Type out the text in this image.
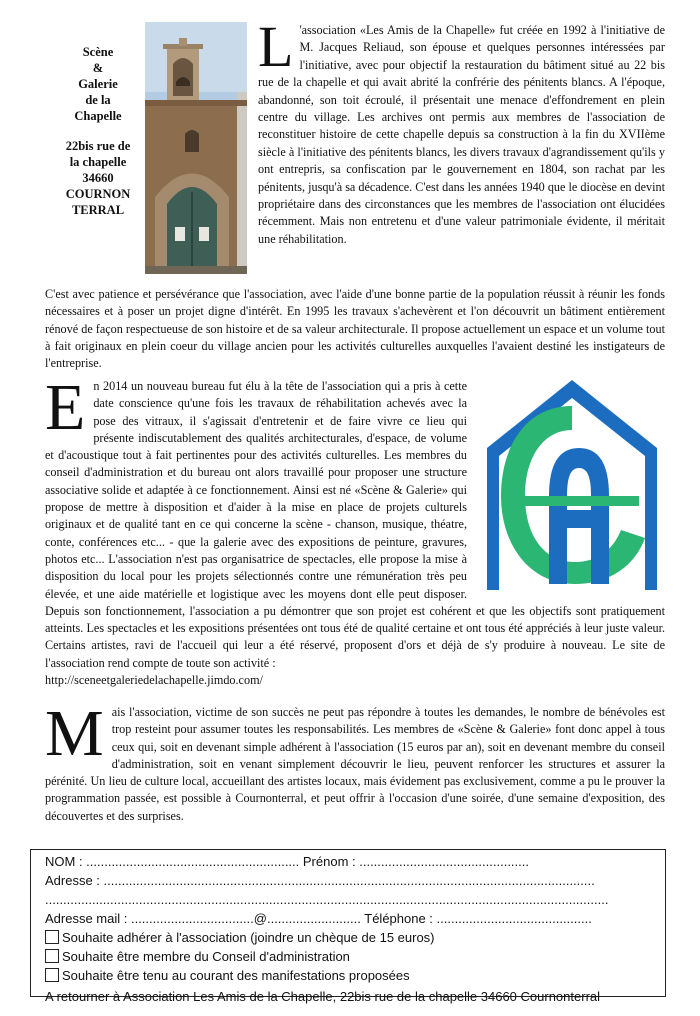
Scène
&
Galerie
de la
Chapelle
22bis rue de
la chapelle
34660
COURNON
TERRAL

L 'association «Les Amis de la Chapelle» fut créée en 1992 à l'initiative de M. Jacques Reliaud, son épouse et quelques personnes intéressées par l'initiative, avec pour objectif la restauration du bâtiment situé au 22 bis rue de la chapelle et qui avait abrité la confrérie des pénitents blancs. A l'époque, abandonné, son toit écroulé, il présentait une menace d'effondrement en plein centre du village. Les archives ont permis aux membres de l'association de reconstituer histoire de cette chapelle depuis sa construction à la fin du XVIIème siècle à l'initiative des pénitents blancs, les divers travaux d'agrandissement qu'ils y ont entrepris, sa confiscation par le gouvernement en 1804, son rachat par les pénitents, jusqu'à sa décadence. C'est dans les années 1940 que le diocèse en devint propriétaire dans des circonstances que les membres de l'association ont élucidées récemment. Mais non entretenu et d'une valeur patrimoniale évidente, il méritait une réhabilitation.

C'est avec patience et persévérance que l'association, avec l'aide d'une bonne partie de la population réussit à réunir les fonds nécessaires et à poser un projet digne d'intérêt. En 1995 les travaux s'achevèrent et l'on découvrit un bâtiment entièrement rénové de façon respectueuse de son histoire et de sa valeur architecturale. Il propose actuellement un espace et un volume tout à fait originaux en plein coeur du village ancien pour les activités culturelles auxquelles l'avaient destiné les instigateurs de l'entreprise.

En 2014 un nouveau bureau fut élu à la tête de l'association qui a pris à cette date conscience qu'une fois les travaux de réhabilitation achevés avec la pose des vitraux, il s'agissait d'entretenir et de faire vivre ce lieu qui présente indiscutablement des qualités architecturales, d'espace, de volume et d'acoustique tout à fait pertinentes pour des activités culturelles. Les membres du conseil d'administration et du bureau ont alors travaillé pour proposer une structure associative solide et adaptée à ce fonctionnement. Ainsi est né «Scène & Galerie» qui propose de mettre à disposition et d'aider à la mise en place de projets culturels originaux et de qualité tant en ce qui concerne la scène - chanson, musique, théatre, conte, conférences etc... - que la galerie avec des expositions de peinture, gravures, photos etc... L'association n'est pas organisatrice de spectacles, elle propose la mise à disposition du local pour les projets sélectionnés contre une rémunération très peu élevée, et une aide matérielle et logistique avec les moyens dont elle peut disposer. Depuis son fonctionnement, l'association a pu démontrer que son projet est cohérent et que les objectifs sont pratiquement atteints. Les spectacles et les expositions présentées ont tous été de qualité certaine et ont tous été appréciés à leur juste valeur. Certains artistes, ravi de l'accueil qui leur a été réservé, proposent d'ors et déjà de s'y produire à nouveau. Le site de l'association rend compte de toute son activité :
http://sceneetgaleriedelachapelle.jimdo.com/

Mais l'association, victime de son succès ne peut pas répondre à toutes les demandes, le nombre de bénévoles est trop resteint pour assumer toutes les responsabilités. Les membres de «Scène & Galerie» font donc appel à tous ceux qui, soit en devenant simple adhérent à l'association (15 euros par an), soit en devenant membre du conseil d'administration, soit en venant simplement découvrir le lieu, peuvent renforcer les structures et assurer la pérénité. Un lieu de culture local, accueillant des artistes locaux, mais évidement pas exclusivement, comme a pu le prouver la programmation passée, est possible à Cournonterral, et peut offrir à l'occasion d'une soirée, d'une semaine d'exposition, des découvertes et des surprises.

NOM : ........................................................... Prénom : ...............................................
Adresse : ........................................................................................................................................
............................................................................................................................................................
Adresse mail : ..................................@.......................... Téléphone : ...........................................
Souhaite adhérer à l'association (joindre un chèque de 15 euros)
Souhaite être membre du Conseil d'administration
Souhaite être tenu au courant des manifestations proposées
A retourner à Association Les Amis de la Chapelle, 22bis rue de la chapelle 34660 Cournonterral
